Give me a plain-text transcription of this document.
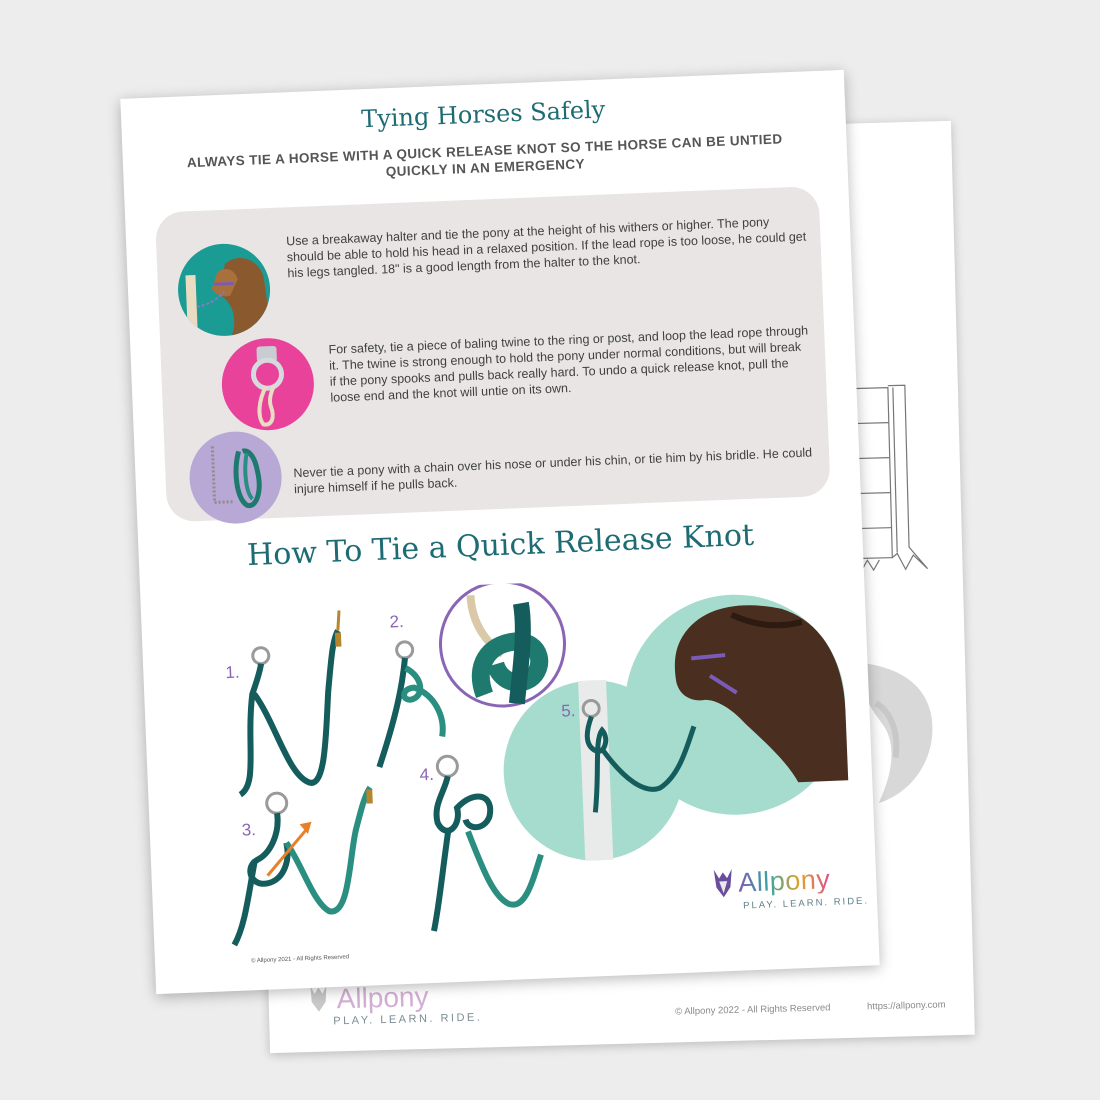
Allpony
PLAY. LEARN. RIDE.
© Allpony 2022 - All Rights Reserved	https://allpony.com
Tying Horses Safely

ALWAYS TIE A HORSE WITH A QUICK RELEASE KNOT SO THE HORSE CAN BE UNTIED QUICKLY IN AN EMERGENCY

Use a breakaway halter and tie the pony at the height of his withers or higher. The pony should be able to hold his head in a relaxed position. If the lead rope is too loose, he could get his legs tangled. 18" is a good length from the halter to the knot.

For safety, tie a piece of baling twine to the ring or post, and loop the lead rope through it. The twine is strong enough to hold the pony under normal conditions, but will break if the pony spooks and pulls back really hard. To undo a quick release knot, pull the loose end and the knot will untie on its own.

Never tie a pony with a chain over his nose or under his chin, or tie him by his bridle. He could injure himself if he pulls back.

How To Tie a Quick Release Knot
1.
2.
3.
4.
5.
Allpony
PLAY. LEARN. RIDE.
© Allpony 2021 - All Rights Reserved
